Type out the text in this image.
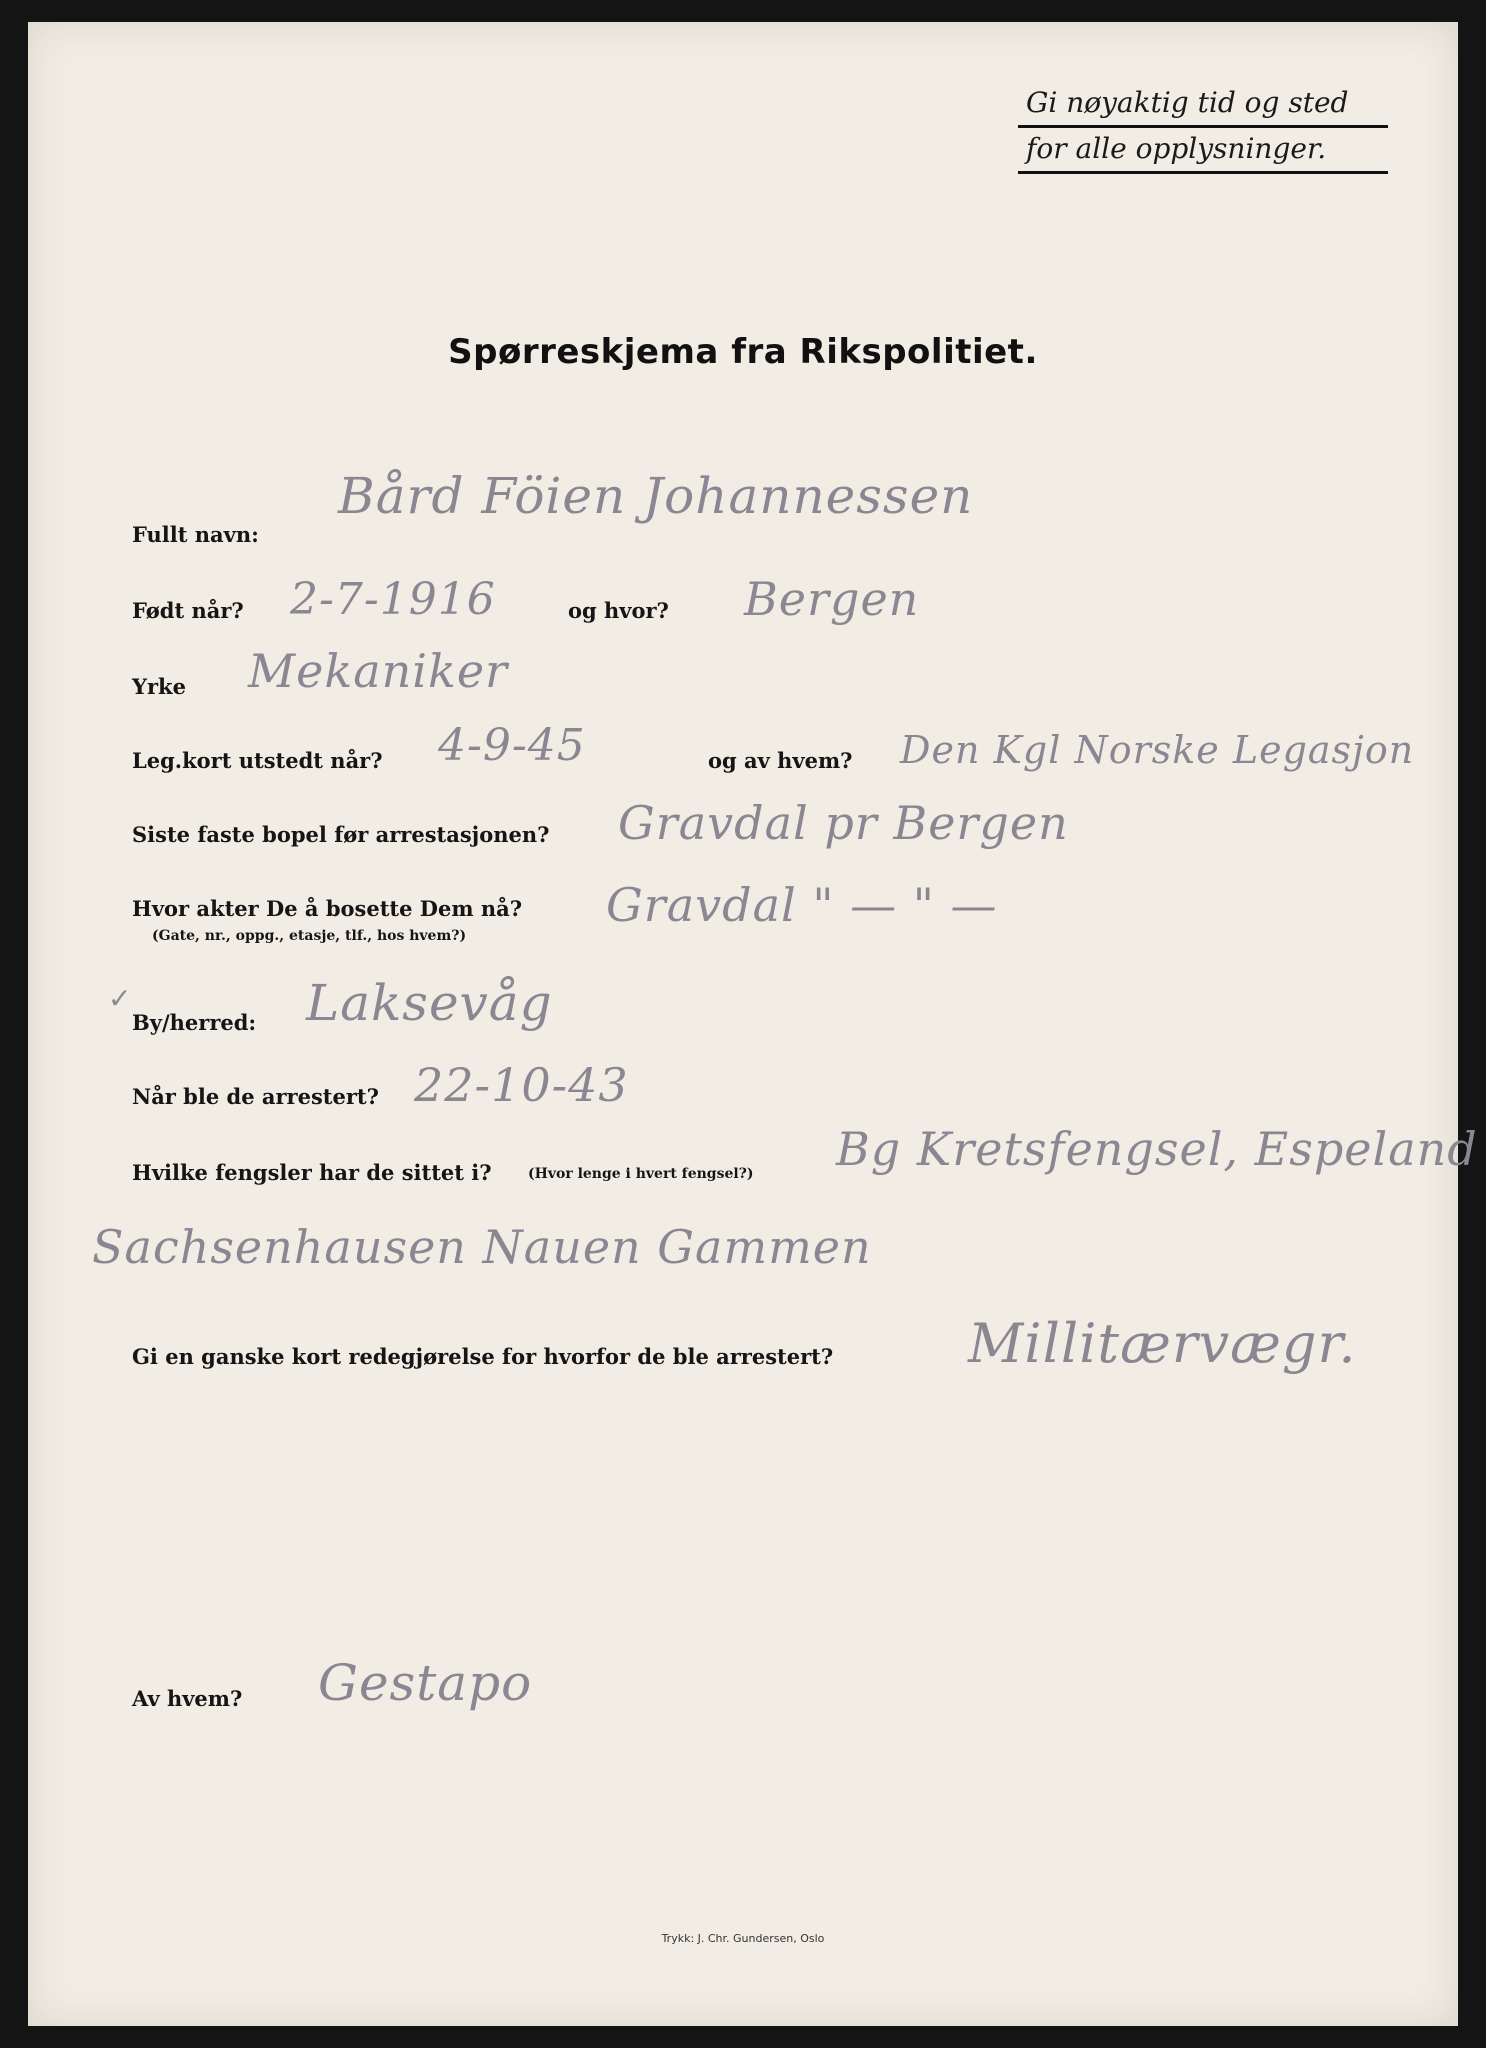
Gi nøyaktig tid og sted
for alle opplysninger.
Spørreskjema fra Rikspolitiet.
Fullt navn:
Bård Föien Johannessen
Født når? 2-7-1916	og hvor? Bergen
Yrke Mekaniker
Leg.kort utstedt når? 4-9-45	og av hvem? Den Kgl Norske Legasjon
Siste faste bopel før arrestasjonen? Gravdal pr Bergen
Hvor akter De å bosette Dem nå?
(Gate, nr., oppg., etasje, tlf., hos hvem?)
Gravdal " — " —
✓
By/herred: Laksevåg
Når ble de arrestert? 22-10-43
Hvilke fengsler har de sittet i?	(Hvor lenge i hvert fengsel?) Bg Kretsfengsel, Espeland
Sachsenhausen Nauen Gammen
Gi en ganske kort redegjørelse for hvorfor de ble arrestert? Millitærvægr.
Av hvem? Gestapo
Trykk: J. Chr. Gundersen, Oslo
